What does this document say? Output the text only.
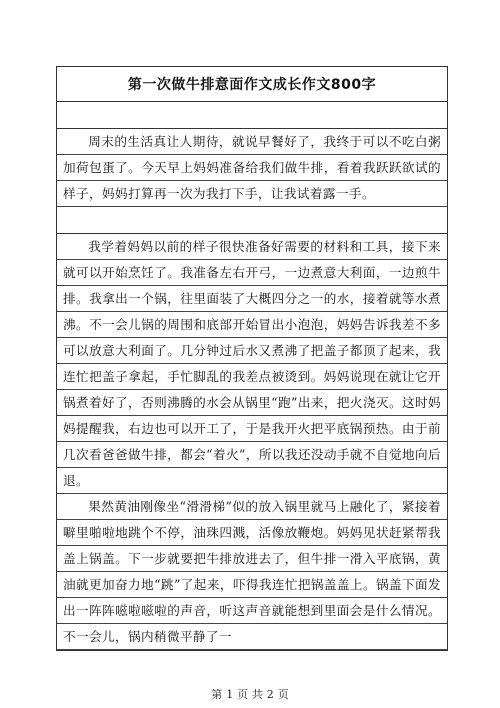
第一次做牛排意面作文成长作文800字

周末的生活真让人期待，就说早餐好了，我终于可以不吃白粥加荷包蛋了。今天早上妈妈准备给我们做牛排，看着我跃跃欲试的样子，妈妈打算再一次为我打下手，让我试着露一手。

我学着妈妈以前的样子很快准备好需要的材料和工具，接下来就可以开始烹饪了。我准备左右开弓，一边煮意大利面，一边煎牛排。我拿出一个锅，往里面装了大概四分之一的水，接着就等水煮沸。不一会儿锅的周围和底部开始冒出小泡泡，妈妈告诉我差不多可以放意大利面了。几分钟过后水又煮沸了把盖子都顶了起来，我连忙把盖子拿起，手忙脚乱的我差点被烫到。妈妈说现在就让它开锅煮着好了，否则沸腾的水会从锅里“跑”出来，把火浇灭。这时妈妈提醒我，右边也可以开工了，于是我开火把平底锅预热。由于前几次看爸爸做牛排，都会“着火”，所以我还没动手就不自觉地向后退。

果然黄油刚像坐“滑滑梯”似的放入锅里就马上融化了，紧接着噼里啪啦地跳个不停，油珠四溅，活像放鞭炮。妈妈见状赶紧帮我盖上锅盖。下一步就要把牛排放进去了，但牛排一滑入平底锅，黄油就更加奋力地“跳”了起来，吓得我连忙把锅盖盖上。锅盖下面发出一阵阵嗞啦嗞啦的声音，听这声音就能想到里面会是什么情况。不一会儿，锅内稍微平静了一

第 1 页 共 2 页
